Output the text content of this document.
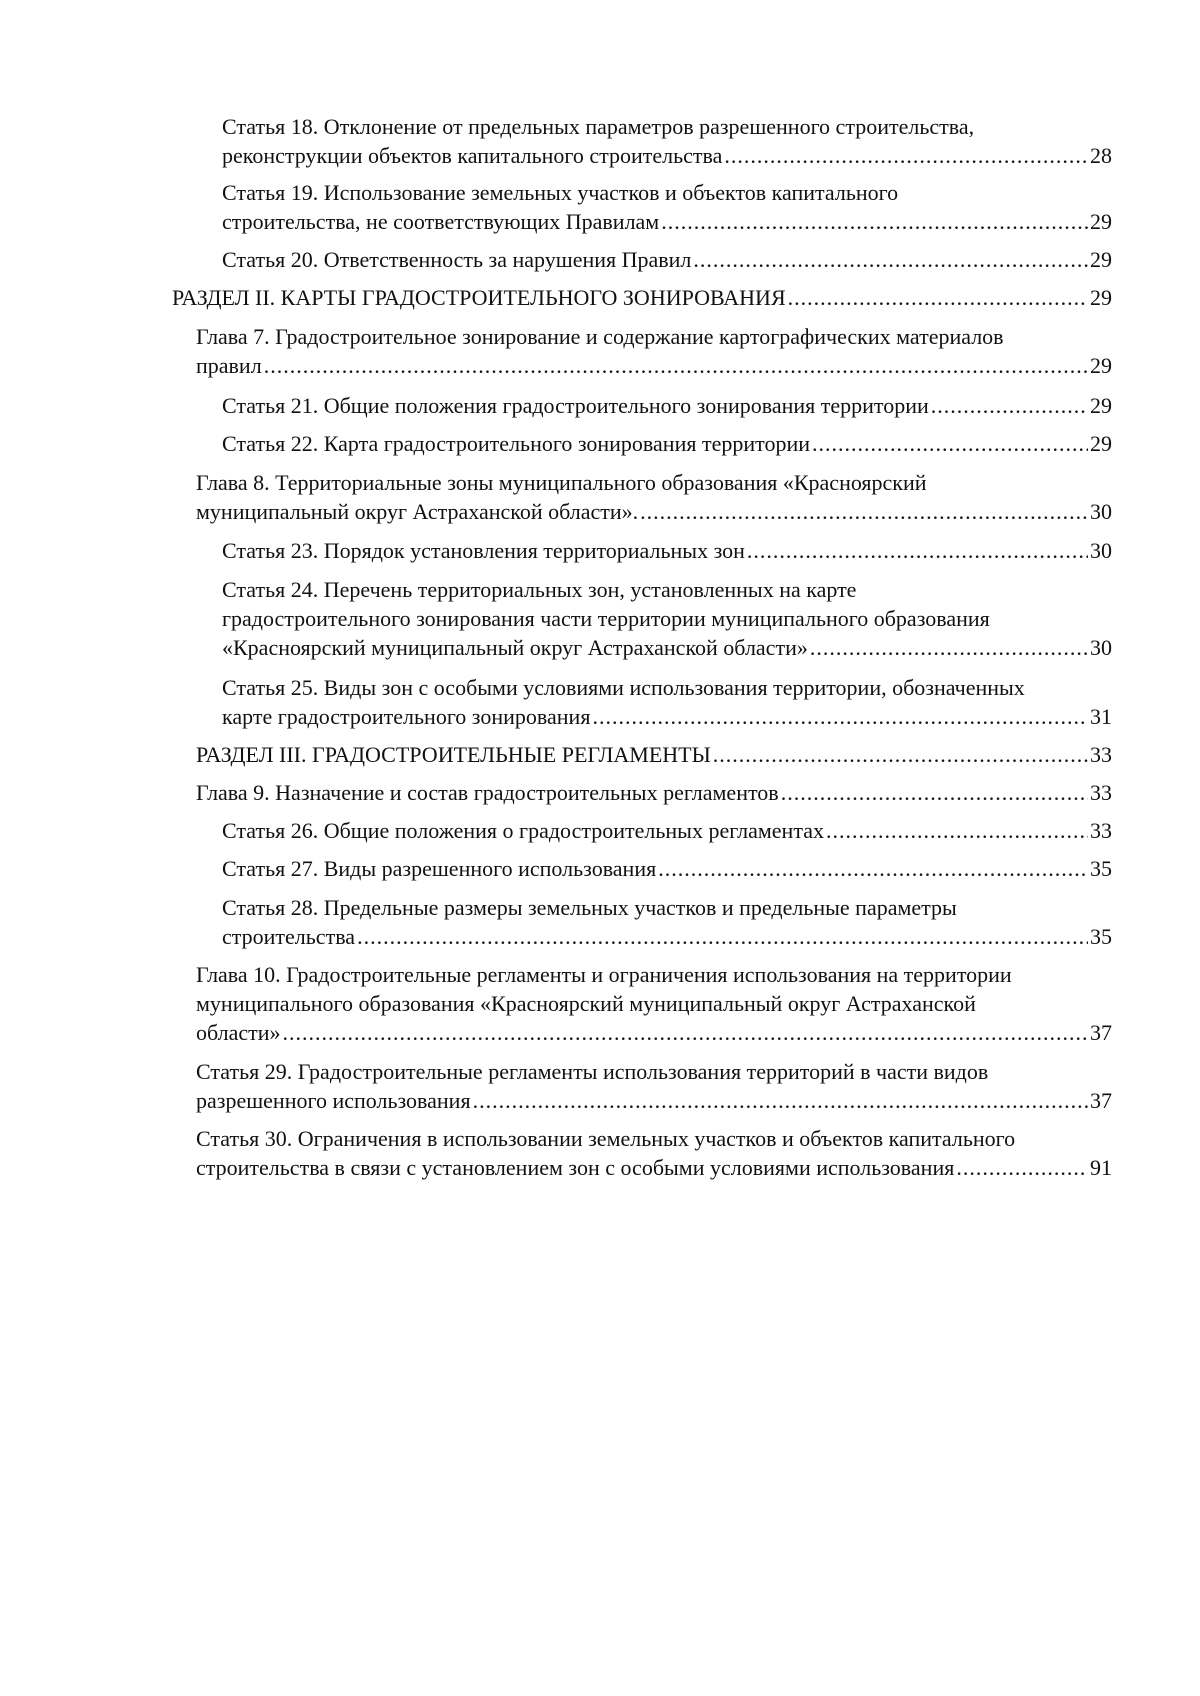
Статья 18. Отклонение от предельных параметров разрешенного строительства,
реконструкции объектов капитального строительства .....	28
Статья 19. Использование земельных участков и объектов капитального
строительства, не соответствующих Правилам .....	29
Статья 20. Ответственность за нарушения Правил .....	29
РАЗДЕЛ II. КАРТЫ ГРАДОСТРОИТЕЛЬНОГО ЗОНИРОВАНИЯ .....	29
Глава 7. Градостроительное зонирование и содержание картографических материалов
правил .....	29
Статья 21. Общие положения градостроительного зонирования территории .....	29
Статья 22. Карта градостроительного зонирования территории .....	29
Глава 8. Территориальные зоны муниципального образования «Красноярский
муниципальный округ Астраханской области». .....	30
Статья 23. Порядок установления территориальных зон .....	30
Статья 24. Перечень территориальных зон, установленных на карте
градостроительного зонирования части территории муниципального образования
«Красноярский муниципальный округ Астраханской области» .....	30
Статья 25. Виды зон с особыми условиями использования территории, обозначенных
карте градостроительного зонирования .....	31
РАЗДЕЛ III. ГРАДОСТРОИТЕЛЬНЫЕ РЕГЛАМЕНТЫ .....	33
Глава 9. Назначение и состав градостроительных регламентов .....	33
Статья 26. Общие положения о градостроительных регламентах .....	33
Статья 27. Виды разрешенного использования .....	35
Статья 28. Предельные размеры земельных участков и предельные параметры
строительства .....	35
Глава 10. Градостроительные регламенты и ограничения использования на территории
муниципального образования «Красноярский муниципальный округ Астраханской
области» .....	37
Статья 29. Градостроительные регламенты использования территорий в части видов
разрешенного использования .....	37
Статья 30. Ограничения в использовании земельных участков и объектов капитального
строительства в связи с установлением зон с особыми условиями использования .....	91
